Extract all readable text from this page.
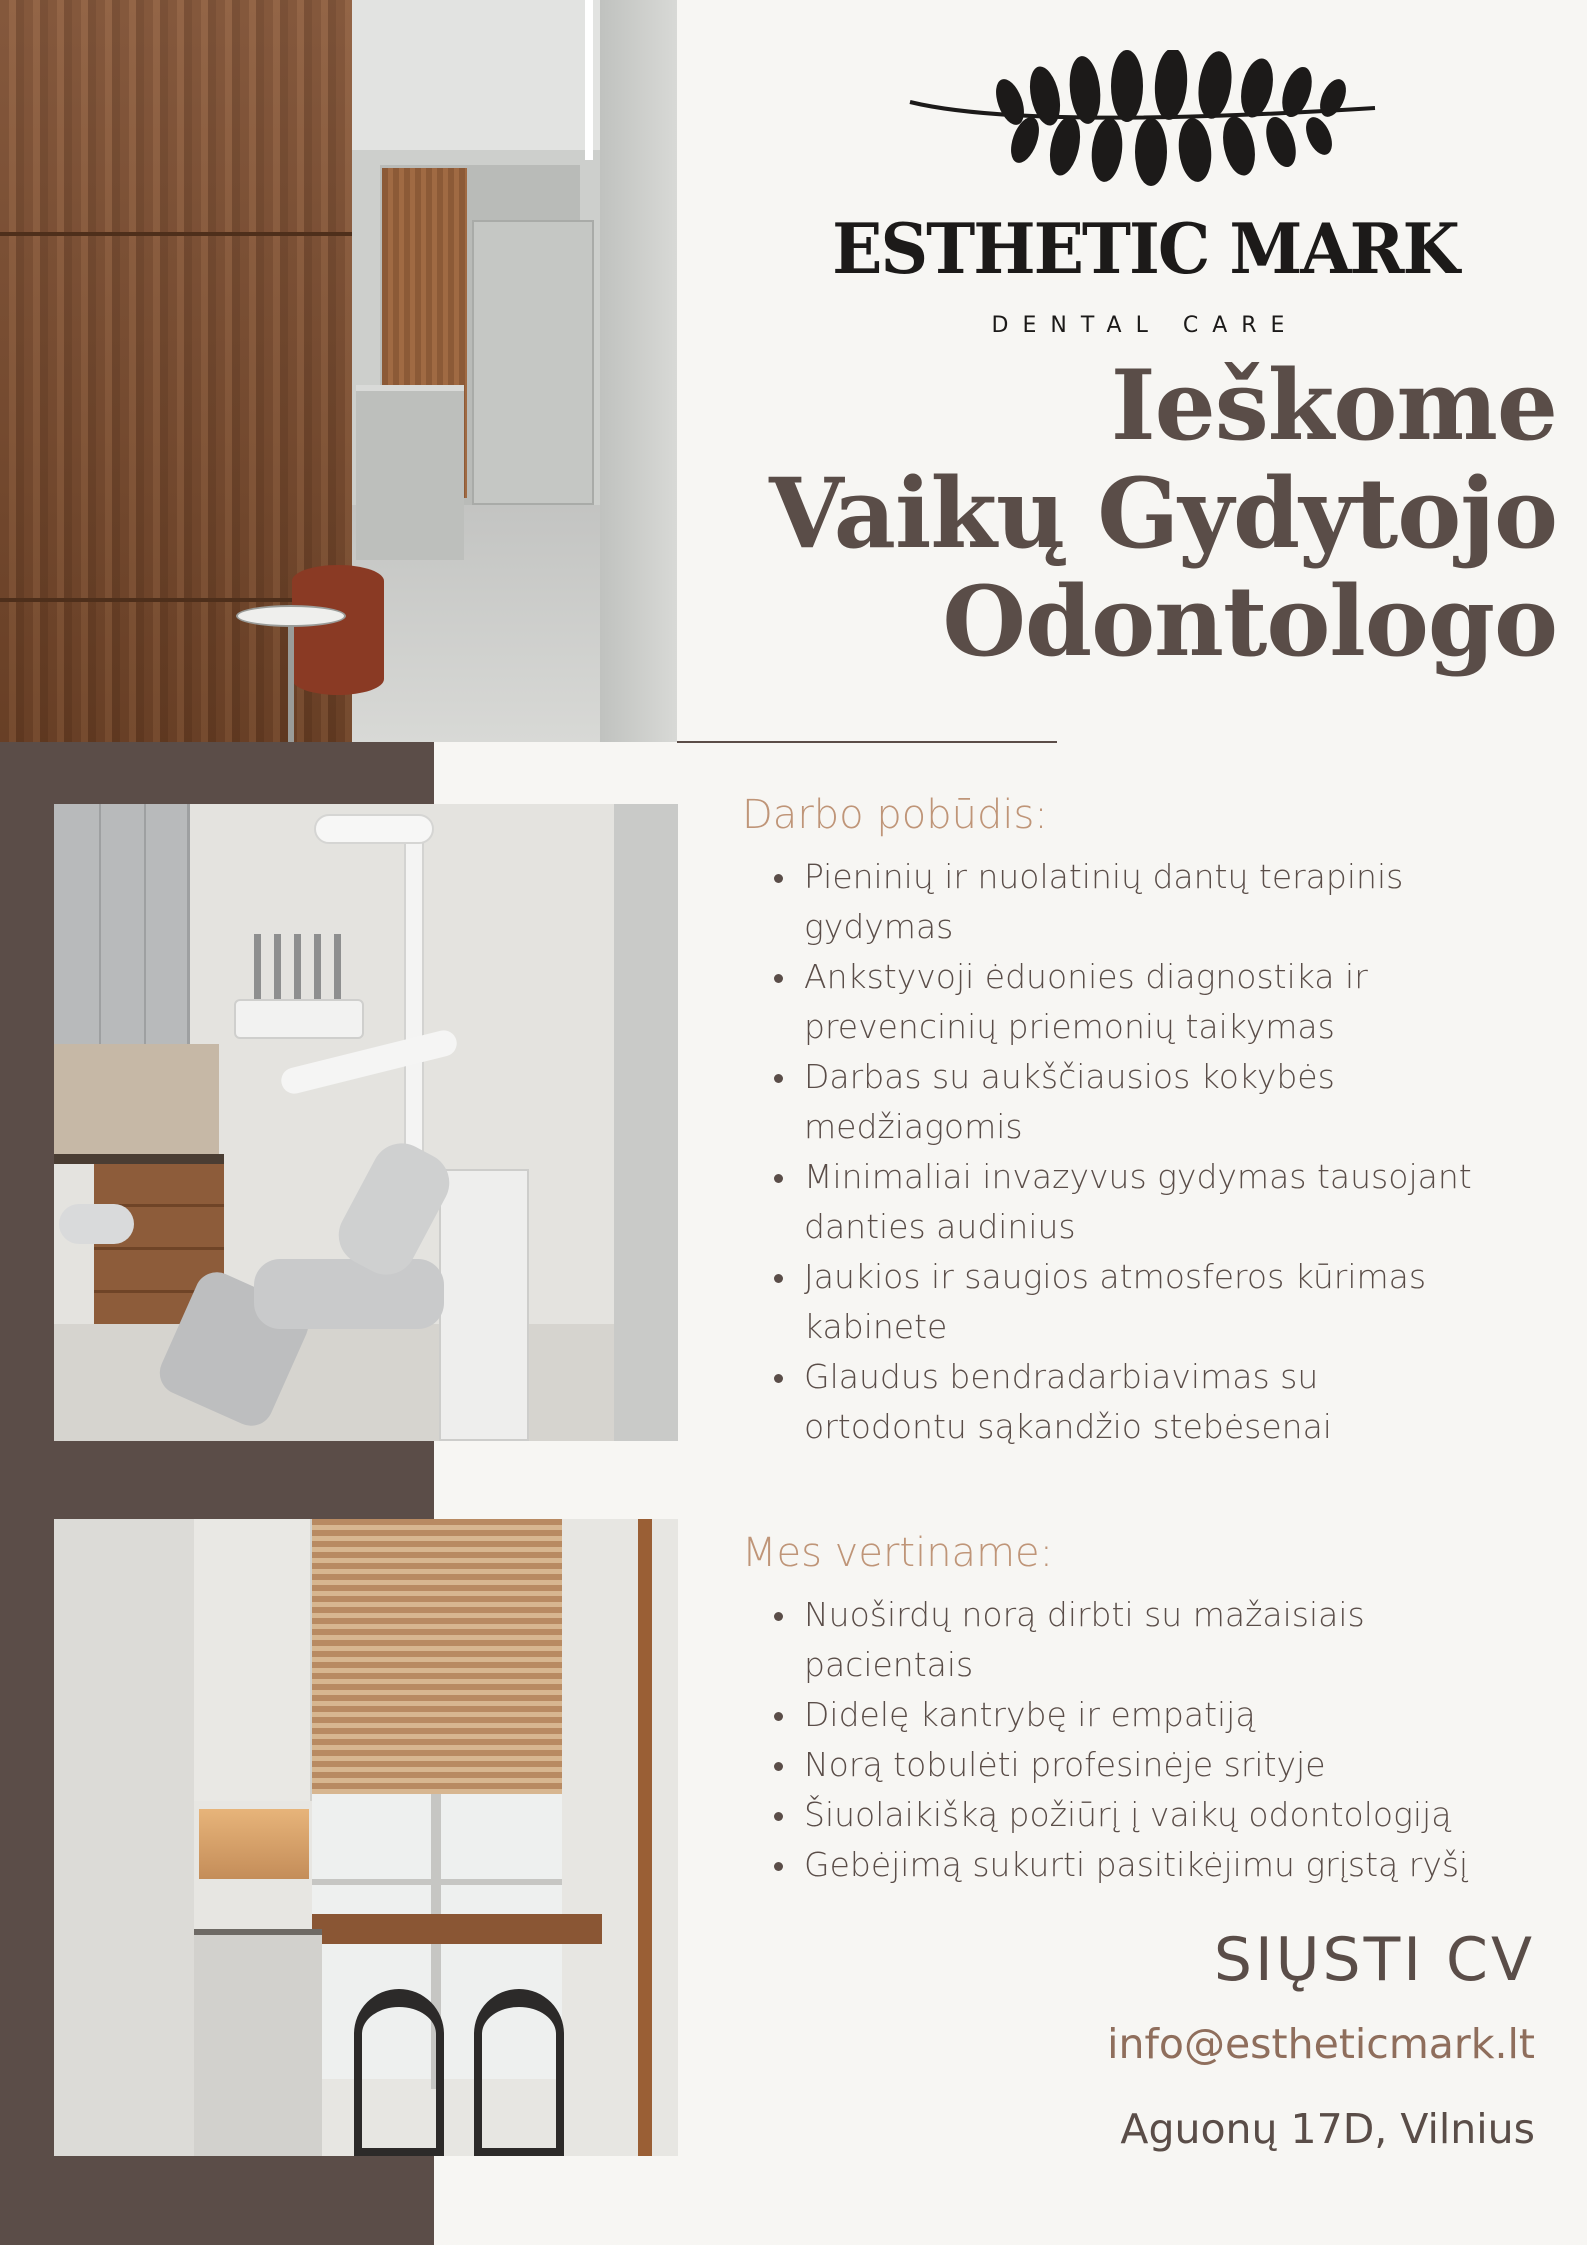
ESTHETIC MARK
DENTAL CARE
Ieškome
Vaikų Gydytojo
Odontologo
Darbo pobūdis:
Pieninių ir nuolatinių dantų terapinis
gydymas
Ankstyvoji ėduonies diagnostika ir
prevencinių priemonių taikymas
Darbas su aukščiausios kokybės
medžiagomis
Minimaliai invazyvus gydymas tausojant
danties audinius
Jaukios ir saugios atmosferos kūrimas
kabinete
Glaudus bendradarbiavimas su
ortodontu sąkandžio stebėsenai
Mes vertiname:
Nuoširdų norą dirbti su mažaisiais
pacientais
Didelę kantrybę ir empatiją
Norą tobulėti profesinėje srityje
Šiuolaikišką požiūrį į vaikų odontologiją
Gebėjimą sukurti pasitikėjimu grįstą ryšį
SIŲSTI CV
info@estheticmark.lt
Aguonų 17D, Vilnius
